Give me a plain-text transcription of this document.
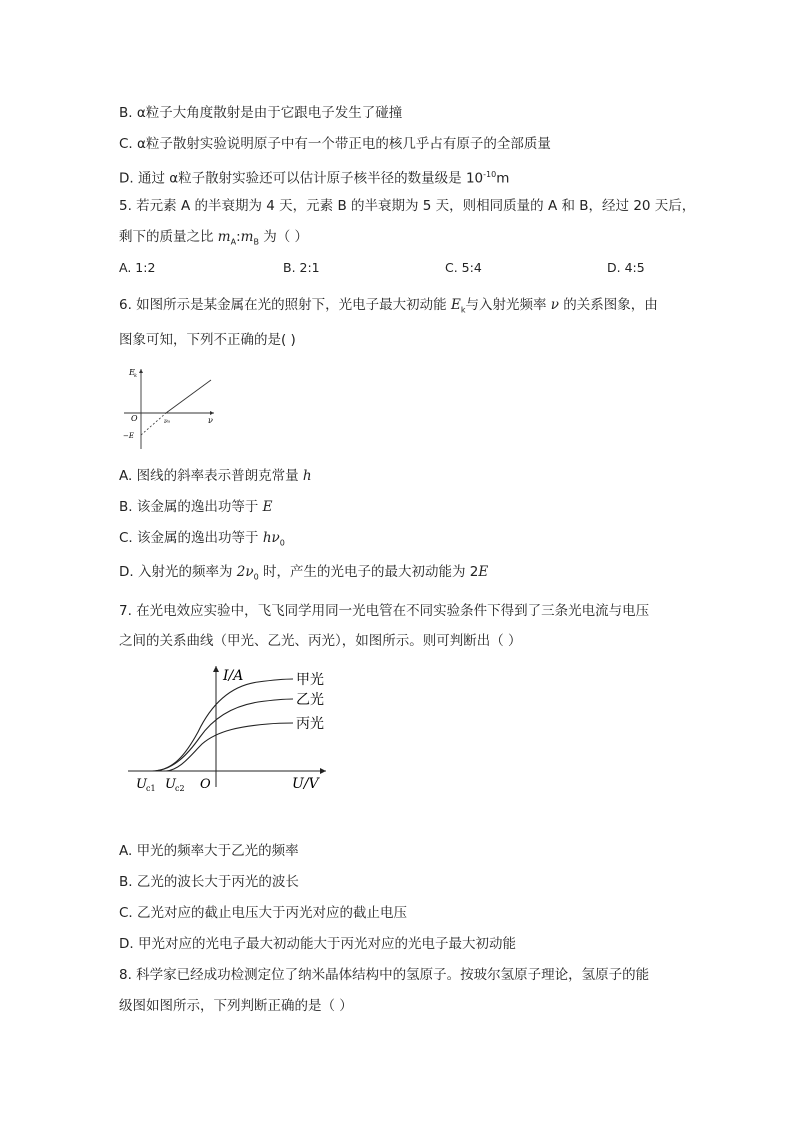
B. α粒子大角度散射是由于它跟电子发生了碰撞
C. α粒子散射实验说明原子中有一个带正电的核几乎占有原子的全部质量
D. 通过 α粒子散射实验还可以估计原子核半径的数量级是 $10^{-10}m$
5. 若元素 A 的半衰期为 4 天，元素 B 的半衰期为 5 天，则相同质量的 A 和 B，经过 20 天后，
剩下的质量之比 $m_A:m_B$ 为（ ）
A. 1:2	B. 2:1	C. 5:4	D. 4:5
6. 如图所示是某金属在光的照射下，光电子最大初动能 $E_k$与入射光频率 ν 的关系图象，由
图象可知，下列不正确的是( )
E k
O	ν
ν₀
−E
A. 图线的斜率表示普朗克常量 h
B. 该金属的逸出功等于 E
C. 该金属的逸出功等于 $h\nu_0$
D. 入射光的频率为 $2\nu_0$ 时，产生的光电子的最大初动能为 2E
7. 在光电效应实验中，飞飞同学用同一光电管在不同实验条件下得到了三条光电流与电压
之间的关系曲线（甲光、乙光、丙光），如图所示。则可判断出（ ）
I/A	甲光
乙光
丙光
O	U/V
U c1 U c2
A. 甲光的频率大于乙光的频率
B. 乙光的波长大于丙光的波长
C. 乙光对应的截止电压大于丙光对应的截止电压
D. 甲光对应的光电子最大初动能大于丙光对应的光电子最大初动能
8. 科学家已经成功检测定位了纳米晶体结构中的氢原子。按玻尔氢原子理论，氢原子的能
级图如图所示，下列判断正确的是（ ）
